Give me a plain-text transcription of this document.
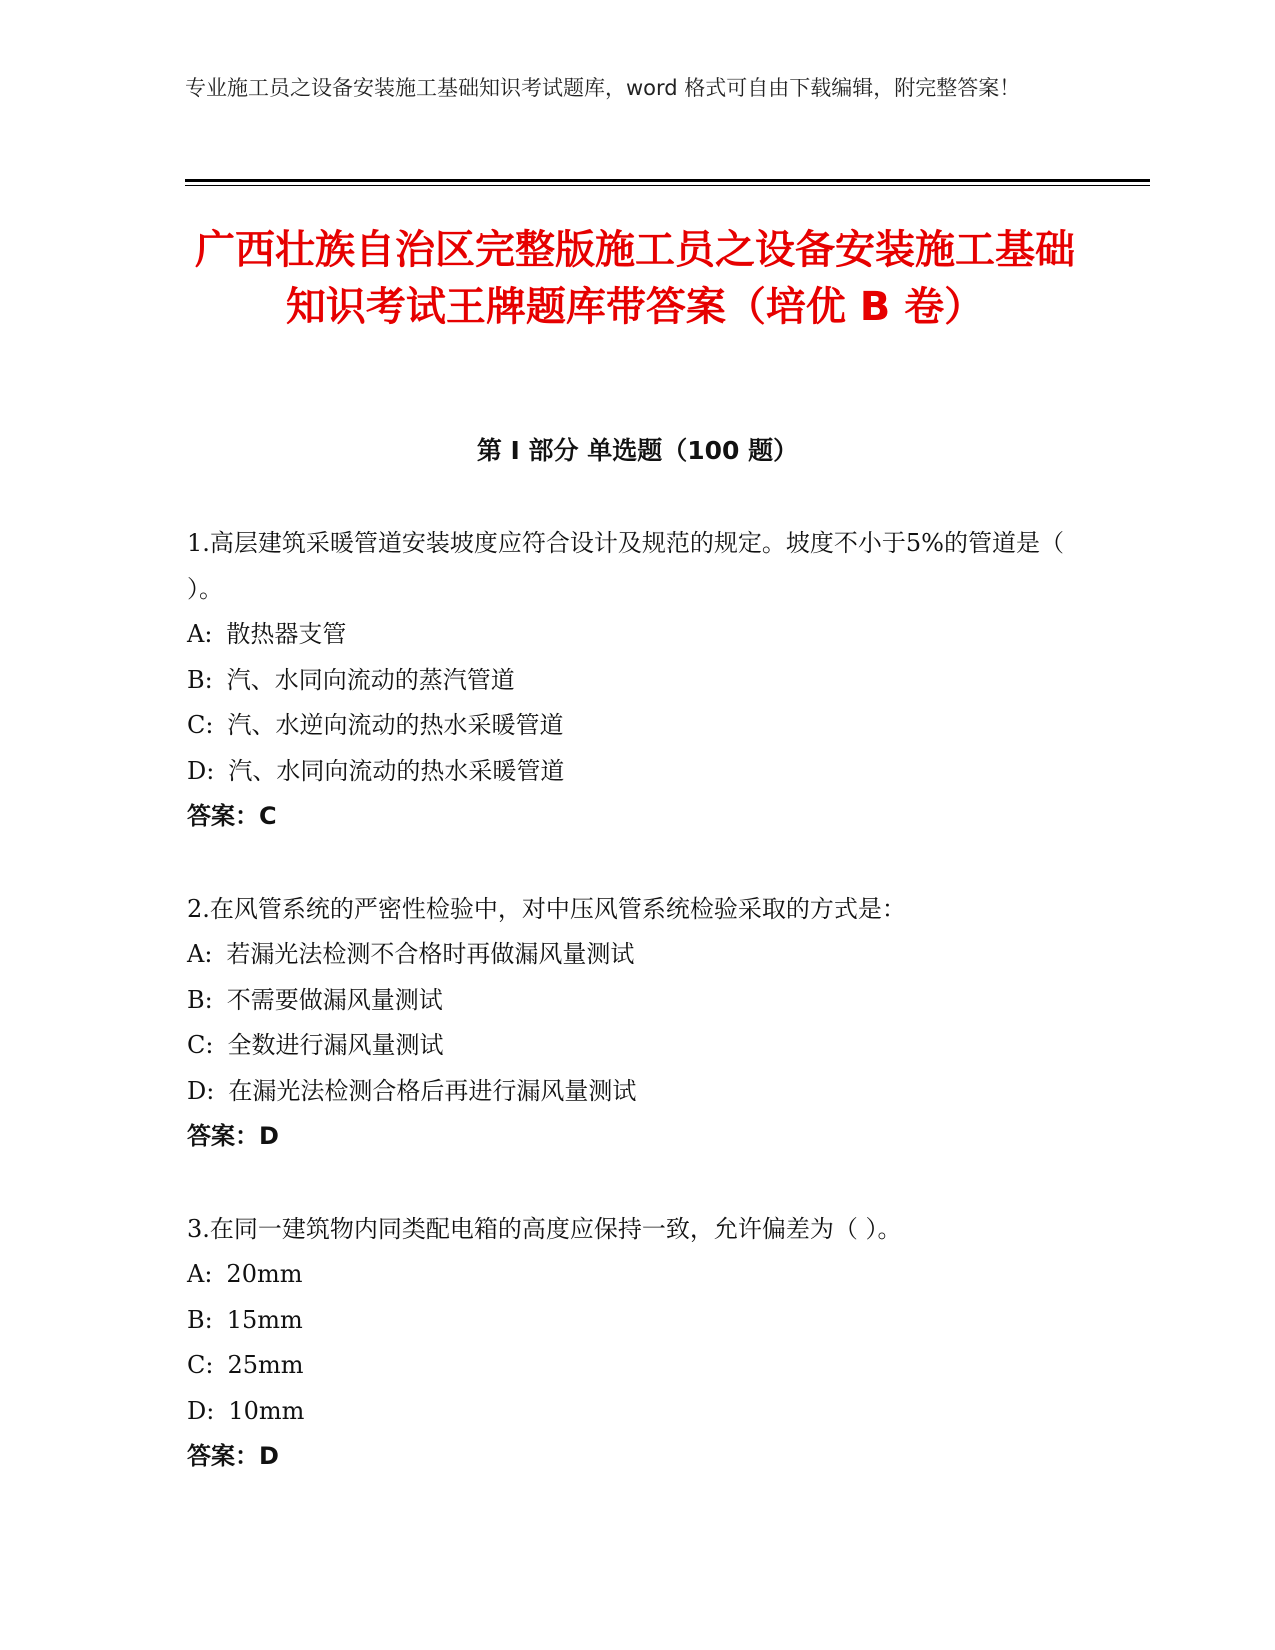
专业施工员之设备安装施工基础知识考试题库，word 格式可自由下载编辑，附完整答案！
广西壮族自治区完整版施工员之设备安装施工基础知识考试王牌题库带答案（培优 B 卷）
第 I 部分 单选题（100 题）
1.高层建筑采暖管道安装坡度应符合设计及规范的规定。坡度不小于5%的管道是（ ）。
A: 散热器支管
B: 汽、水同向流动的蒸汽管道
C: 汽、水逆向流动的热水采暖管道
D: 汽、水同向流动的热水采暖管道
答案：C
2.在风管系统的严密性检验中，对中压风管系统检验采取的方式是：
A: 若漏光法检测不合格时再做漏风量测试
B: 不需要做漏风量测试
C: 全数进行漏风量测试
D: 在漏光法检测合格后再进行漏风量测试
答案：D
3.在同一建筑物内同类配电箱的高度应保持一致，允许偏差为（ ）。
A: 20mm
B: 15mm
C: 25mm
D: 10mm
答案：D
